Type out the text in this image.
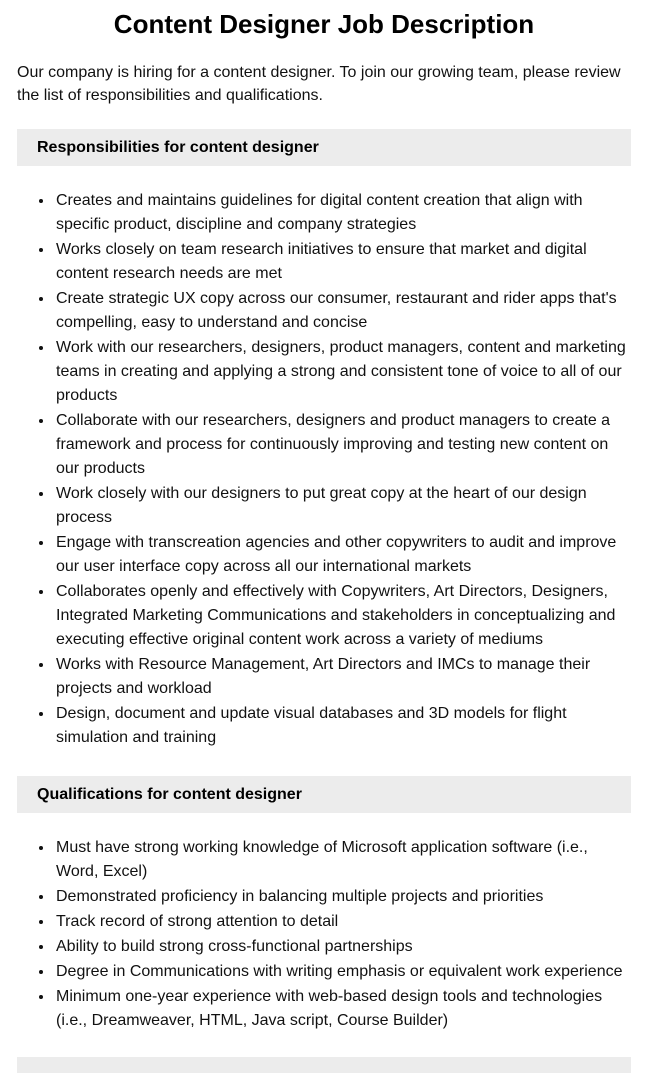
Content Designer Job Description

Our company is hiring for a content designer. To join our growing team, please review the list of responsibilities and qualifications.

Responsibilities for content designer
• Creates and maintains guidelines for digital content creation that align with specific product, discipline and company strategies
• Works closely on team research initiatives to ensure that market and digital content research needs are met
• Create strategic UX copy across our consumer, restaurant and rider apps that's compelling, easy to understand and concise
• Work with our researchers, designers, product managers, content and marketing teams in creating and applying a strong and consistent tone of voice to all of our products
• Collaborate with our researchers, designers and product managers to create a framework and process for continuously improving and testing new content on our products
• Work closely with our designers to put great copy at the heart of our design process
• Engage with transcreation agencies and other copywriters to audit and improve our user interface copy across all our international markets
• Collaborates openly and effectively with Copywriters, Art Directors, Designers, Integrated Marketing Communications and stakeholders in conceptualizing and executing effective original content work across a variety of mediums
• Works with Resource Management, Art Directors and IMCs to manage their projects and workload
• Design, document and update visual databases and 3D models for flight simulation and training
Qualifications for content designer
• Must have strong working knowledge of Microsoft application software (i.e., Word, Excel)
• Demonstrated proficiency in balancing multiple projects and priorities
• Track record of strong attention to detail
• Ability to build strong cross-functional partnerships
• Degree in Communications with writing emphasis or equivalent work experience
• Minimum one-year experience with web-based design tools and technologies (i.e., Dreamweaver, HTML, Java script, Course Builder)
